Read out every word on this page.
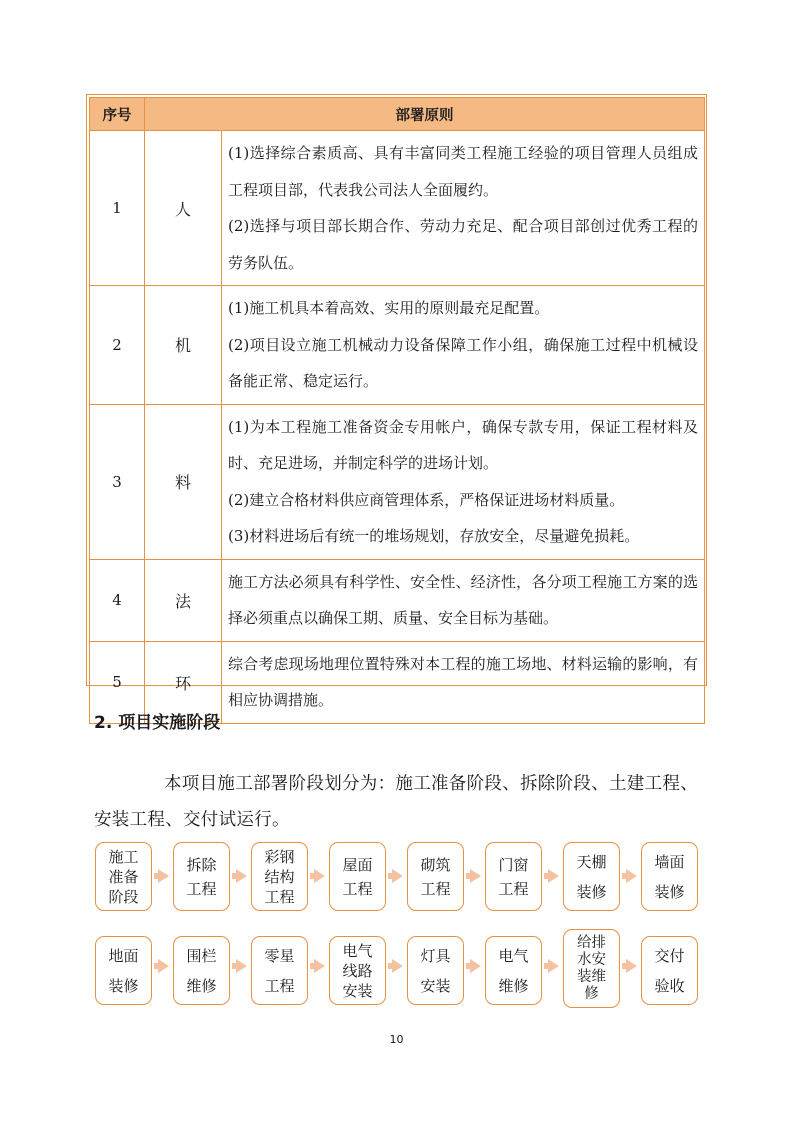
序号	部署原则	
1	人	(1)选择综合素质高、具有丰富同类工程施工经验的项目管理人员组成工程项目部，代表我公司法人全面履约。

(2)选择与项目部长期合作、劳动力充足、配合项目部创过优秀工程的劳务队伍。

2	机	(1)施工机具本着高效、实用的原则最充足配置。

(2)项目设立施工机械动力设备保障工作小组，确保施工过程中机械设备能正常、稳定运行。

3	料	(1)为本工程施工准备资金专用帐户，确保专款专用，保证工程材料及时、充足进场，并制定科学的进场计划。

(2)建立合格材料供应商管理体系，严格保证进场材料质量。

(3)材料进场后有统一的堆场规划，存放安全，尽量避免损耗。

4	法	施工方法必须具有科学性、安全性、经济性，各分项工程施工方案的选择必须重点以确保工期、质量、安全目标为基础。

5	环	综合考虑现场地理位置特殊对本工程的施工场地、材料运输的影响，有相应协调措施。

2. 项目实施阶段

本项目施工部署阶段划分为：施工准备阶段、拆除阶段、土建工程、安装工程、交付试运行。

施工
准备
阶段
拆除
工程
彩钢
结构
工程
屋面
工程
砌筑
工程
门窗
工程
天棚
装修
墙面
装修
地面
装修
围栏
维修
零星
工程
电气
线路
安装
灯具
安装
电气
维修
给排
水安
装维
修
交付
验收
10
